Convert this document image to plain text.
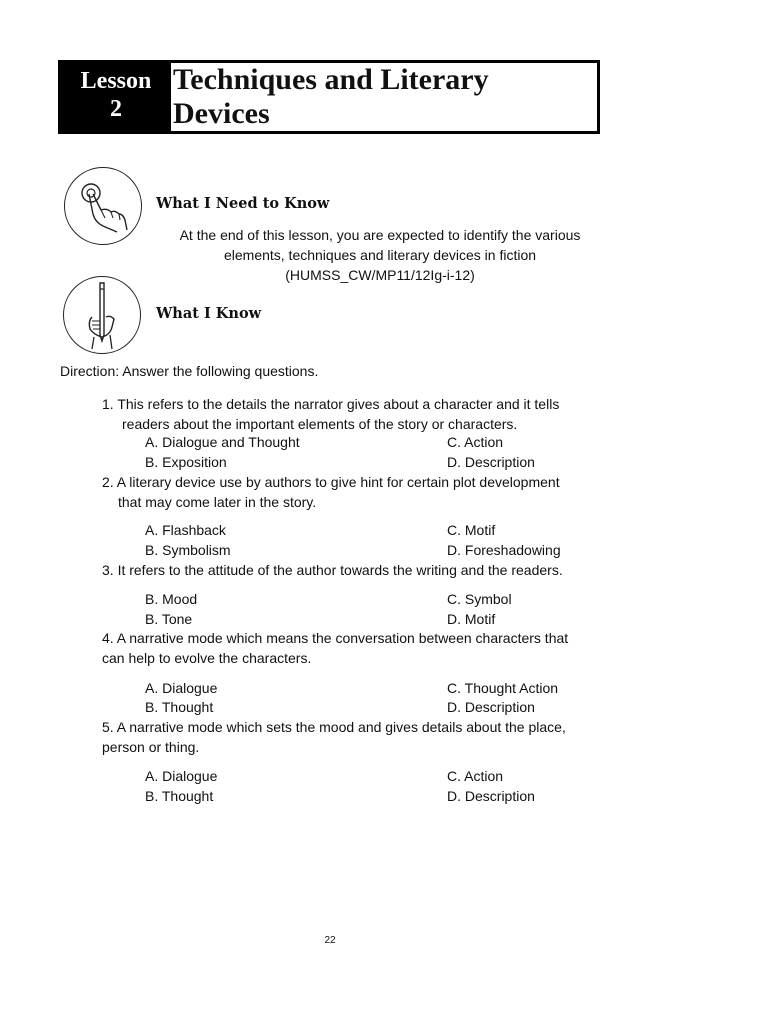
Lesson
2
Techniques and Literary Devices
What I Need to Know
At the end of this lesson, you are expected to identify the various
elements, techniques and literary devices in fiction
(HUMSS_CW/MP11/12Ig-i-12)
What I Know
Direction: Answer the following questions.
1. This refers to the details the narrator gives about a character and it tells
readers about the important elements of the story or characters.
A. Dialogue and Thought	C. Action
B. Exposition	D. Description
2. A literary device use by authors to give hint for certain plot development
that may come later in the story.
A. Flashback	C. Motif
B. Symbolism	D. Foreshadowing
3. It refers to the attitude of the author towards the writing and the readers.
B. Mood	C. Symbol
B. Tone	D. Motif
4. A narrative mode which means the conversation between characters that
can help to evolve the characters.
A. Dialogue	C. Thought Action
B. Thought	D. Description
5. A narrative mode which sets the mood and gives details about the place,
person or thing.
A. Dialogue	C. Action
B. Thought	D. Description
22
